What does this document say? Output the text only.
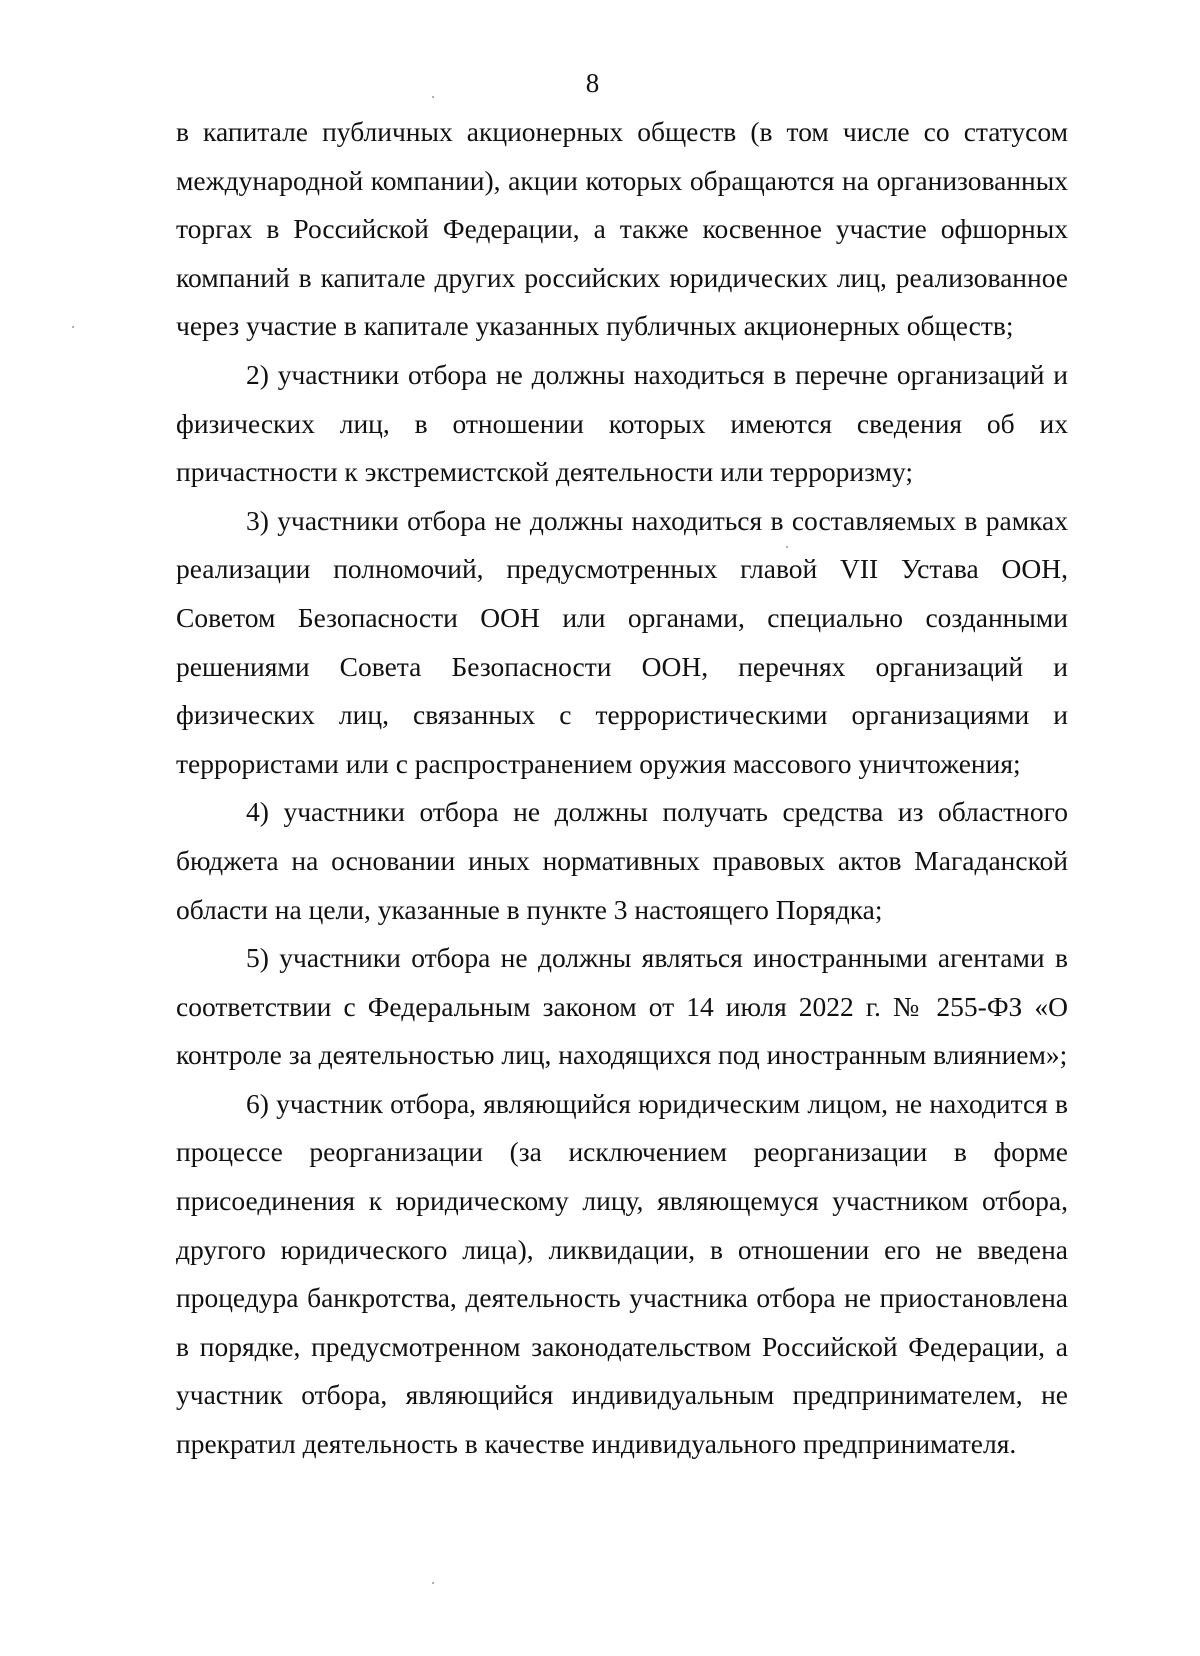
8

в капитале публичных акционерных обществ (в том числе со статусом международной компании), акции которых обращаются на организованных торгах в Российской Федерации, а также косвенное участие офшорных компаний в капитале других российских юридических лиц, реализованное через участие в капитале указанных публичных акционерных обществ;

2) участники отбора не должны находиться в перечне организаций и физических лиц, в отношении которых имеются сведения об их причастности к экстремистской деятельности или терроризму;

3) участники отбора не должны находиться в составляемых в рамках реализации полномочий, предусмотренных главой VII Устава ООН, Советом Безопасности ООН или органами, специально созданными решениями Совета Безопасности ООН, перечнях организаций и физических лиц, связанных с террористическими организациями и террористами или с распространением оружия массового уничтожения;

4) участники отбора не должны получать средства из областного бюджета на основании иных нормативных правовых актов Магаданской области на цели, указанные в пункте 3 настоящего Порядка;

5) участники отбора не должны являться иностранными агентами в соответствии с Федеральным законом от 14 июля 2022 г. № 255-ФЗ «О контроле за деятельностью лиц, находящихся под иностранным влиянием»;

6) участник отбора, являющийся юридическим лицом, не находится в процессе реорганизации (за исключением реорганизации в форме присоединения к юридическому лицу, являющемуся участником отбора, другого юридического лица), ликвидации, в отношении его не введена процедура банкротства, деятельность участника отбора не приостановлена в порядке, предусмотренном законодательством Российской Федерации, а участник отбора, являющийся индивидуальным предпринимателем, не прекратил деятельность в качестве индивидуального предпринимателя.
